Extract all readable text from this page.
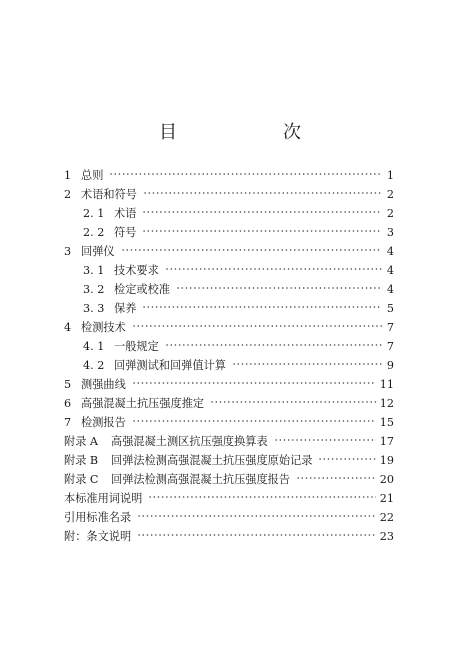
目　次
1 总则	1
2 术语和符号	2
2. 1 术语	2
2. 2 符号	3
3 回弹仪	4
3. 1 技术要求	4
3. 2 检定或校准	4
3. 3 保养	5
4 检测技术	7
4. 1 一般规定	7
4. 2 回弹测试和回弹值计算	9
5 测强曲线	11
6 高强混凝土抗压强度推定	12
7 检测报告	15
附录 A	高强混凝土测区抗压强度换算表	17
附录 B	回弹法检测高强混凝土抗压强度原始记录	19
附录 C	回弹法检测高强混凝土抗压强度报告	20
本标准用词说明	21
引用标准名录	22
附：条文说明	23
